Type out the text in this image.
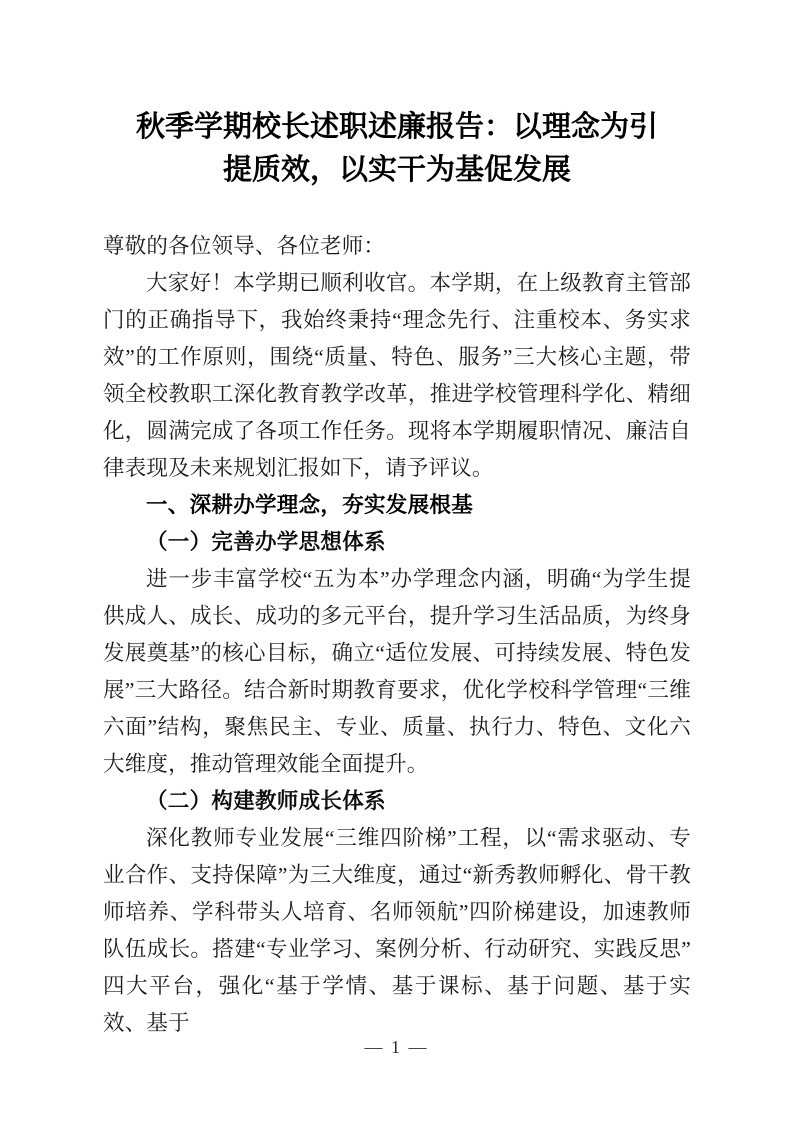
秋季学期校长述职述廉报告：以理念为引
提质效，以实干为基促发展

尊敬的各位领导、各位老师：

大家好！本学期已顺利收官。本学期，在上级教育主管部门的正确指导下，我始终秉持“理念先行、注重校本、务实求效”的工作原则，围绕“质量、特色、服务”三大核心主题，带领全校教职工深化教育教学改革，推进学校管理科学化、精细化，圆满完成了各项工作任务。现将本学期履职情况、廉洁自律表现及未来规划汇报如下，请予评议。

一、深耕办学理念，夯实发展根基
（一）完善办学思想体系

进一步丰富学校“五为本”办学理念内涵，明确“为学生提供成人、成长、成功的多元平台，提升学习生活品质，为终身发展奠基”的核心目标，确立“适位发展、可持续发展、特色发展”三大路径。结合新时期教育要求，优化学校科学管理“三维六面”结构，聚焦民主、专业、质量、执行力、特色、文化六大维度，推动管理效能全面提升。

（二）构建教师成长体系

深化教师专业发展“三维四阶梯”工程，以“需求驱动、专业合作、支持保障”为三大维度，通过“新秀教师孵化、骨干教师培养、学科带头人培育、名师领航”四阶梯建设，加速教师队伍成长。搭建“专业学习、案例分析、行动研究、实践反思”四大平台，强化“基于学情、基于课标、基于问题、基于实效、基于

— 1 —
